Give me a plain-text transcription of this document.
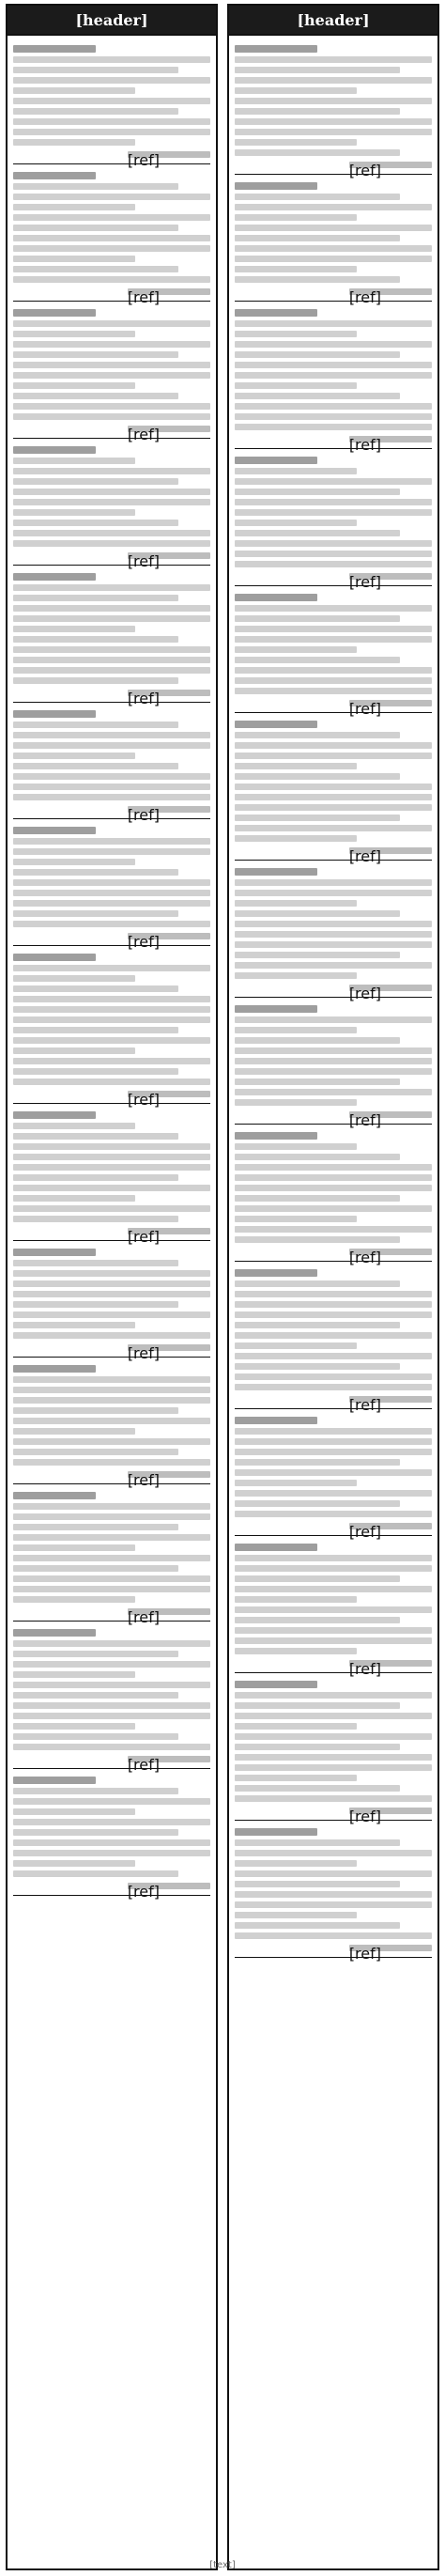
[header]
[ref]
[ref]
[ref]
[ref]
[ref]
[ref]
[ref]
[ref]
[ref]
[ref]
[ref]
[ref]
[ref]
[ref]
[header]
[ref]
[ref]
[ref]
[ref]
[ref]
[ref]
[ref]
[ref]
[ref]
[ref]
[ref]
[ref]
[ref]
[ref]
[text]
